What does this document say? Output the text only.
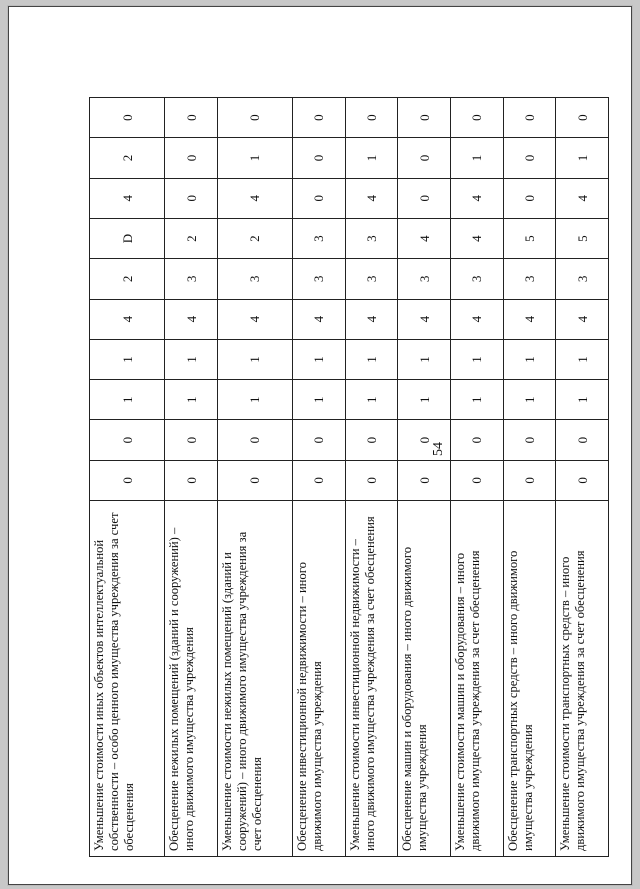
54
Уменьшение стоимости иных объектов интеллектуальной собственности – особо ценного имущества учреждения за счет обесценения	0	0	1	1	4	2	D	4	2	0
Обесценение нежилых помещений (зданий и сооружений) – иного движимого имущества учреждения	0	0	1	1	4	3	2	0	0	0
Уменьшение стоимости нежилых помещений (зданий и сооружений) – иного движимого имущества учреждения за счет обесценения	0	0	1	1	4	3	2	4	1	0
Обесценение инвестиционной недвижимости – иного движимого имущества учреждения	0	0	1	1	4	3	3	0	0	0
Уменьшение стоимости инвестиционной недвижимости – иного движимого имущества учреждения за счет обесценения	0	0	1	1	4	3	3	4	1	0
Обесценение машин и оборудования – иного движимого имущества учреждения	0	0	1	1	4	3	4	0	0	0
Уменьшение стоимости машин и оборудования – иного движимого имущества учреждения за счет обесценения	0	0	1	1	4	3	4	4	1	0
Обесценение транспортных средств – иного движимого имущества учреждения	0	0	1	1	4	3	5	0	0	0
Уменьшение стоимости транспортных средств – иного движимого имущества учреждения за счет обесценения	0	0	1	1	4	3	5	4	1	0
